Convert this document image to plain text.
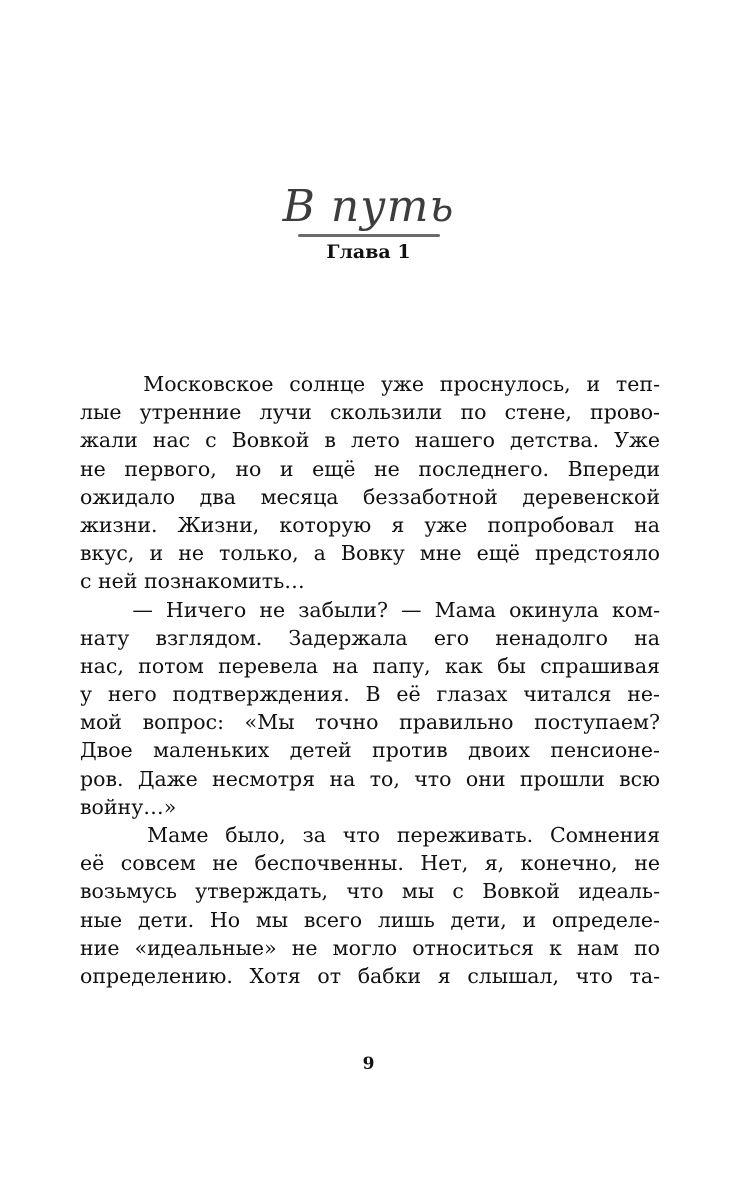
В путь
Глава 1
Московское солнце уже проснулось, и теп-
лые утренние лучи скользили по стене, прово-
жали нас с Вовкой в лето нашего детства. Уже
не первого, но и ещё не последнего. Впереди
ожидало два месяца беззаботной деревенской
жизни. Жизни, которую я уже попробовал на
вкус, и не только, а Вовку мне ещё предстояло
с ней познакомить…
— Ничего не забыли? — Мама окинула ком-
нату взглядом. Задержала его ненадолго на
нас, потом перевела на папу, как бы спрашивая
у него подтверждения. В её глазах читался не-
мой вопрос: «Мы точно правильно поступаем?
Двое маленьких детей против двоих пенсионе-
ров. Даже несмотря на то, что они прошли всю
войну…»
Маме было, за что переживать. Сомнения
её совсем не беспочвенны. Нет, я, конечно, не
возьмусь утверждать, что мы с Вовкой идеаль-
ные дети. Но мы всего лишь дети, и определе-
ние «идеальные» не могло относиться к нам по
определению. Хотя от бабки я слышал, что та-
9
